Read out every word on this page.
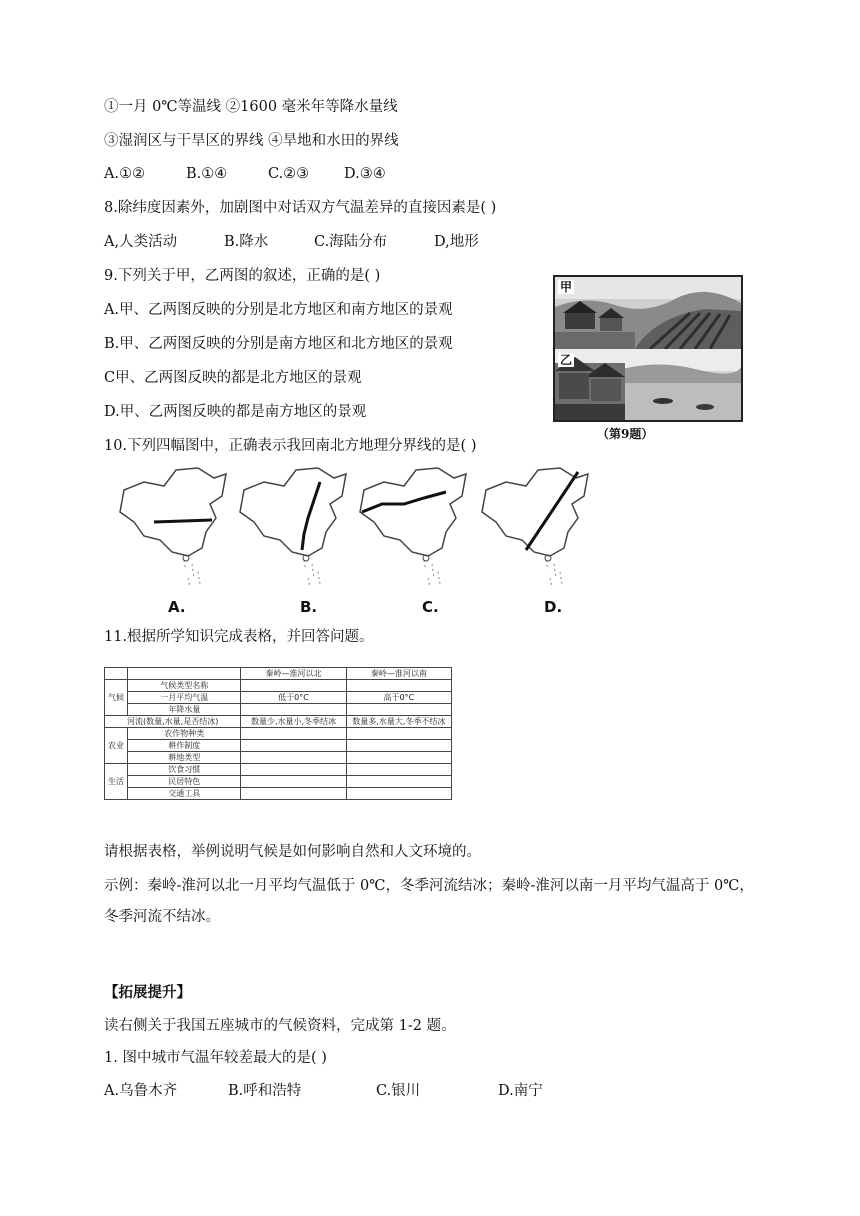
①一月 0℃等温线 ②1600 毫米年等降水量线
③湿润区与干旱区的界线 ④旱地和水田的界线
A.①②	B.①④	C.②③ D.③④
8.除纬度因素外，加剧图中对话双方气温差异的直接因素是( )
A,人类活动	B.降水	C.海陆分布	D,地形
9.下列关于甲，乙两图的叙述，正确的是( )
A.甲、乙两图反映的分别是北方地区和南方地区的景观
B.甲、乙两图反映的分别是南方地区和北方地区的景观
C甲、乙两图反映的都是北方地区的景观
D.甲、乙两图反映的都是南方地区的景观
甲
乙
（第9题）
10.下列四幅图中，正确表示我回南北方地理分界线的是( )
A.	B.	C.	D.
11.根据所学知识完成表格，并回答问题。
		秦岭—淮河以北	秦岭—淮河以南
气候	气候类型名称		
	一月平均气温	低于0°C	高于0°C
	年降水量		
河流(数量,水量,是否结冰)		数量少,水量小,冬季结冰	数量多,水量大,冬季不结冰
农业	农作物种类		
	耕作制度		
	耕地类型		
生活	饮食习惯		
	民居特色		
	交通工具		
请根据表格，举例说明气候是如何影响自然和人文环境的。
示例：秦岭-淮河以北一月平均气温低于 0℃，冬季河流结冰；秦岭-淮河以南一月平均气温高于 0℃，
冬季河流不结冰。
【拓展提升】
读右侧关于我国五座城市的气候资料，完成第 1-2 题。
1. 图中城市气温年较差最大的是( )
A.乌鲁木齐	B.呼和浩特	C.银川	D.南宁
